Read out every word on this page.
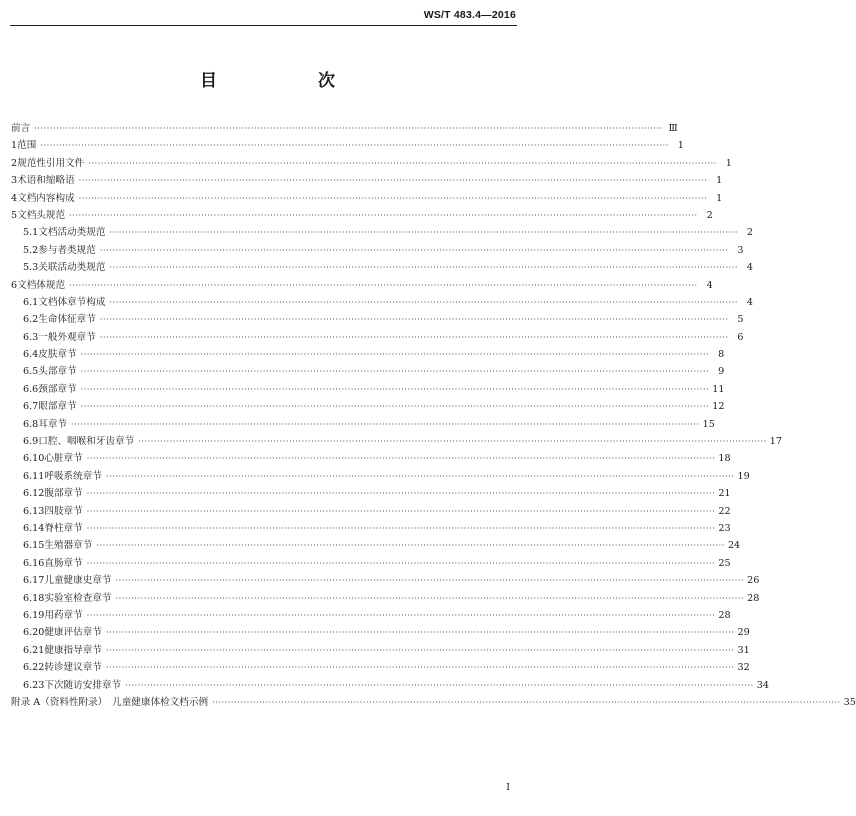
WS/T 483.4—2016
目　次
前言 ········································································································································································································ Ⅲ
1 范围 ········································································································································································································ 1
2 规范性引用文件 ········································································································································································································ 1
3 术语和缩略语 ········································································································································································································ 1
4 文档内容构成 ········································································································································································································ 1
5 文档头规范 ········································································································································································································ 2
5.1 文档活动类规范 ········································································································································································································ 2
5.2 参与者类规范 ········································································································································································································ 3
5.3 关联活动类规范 ········································································································································································································ 4
6 文档体规范 ········································································································································································································ 4
6.1 文档体章节构成 ········································································································································································································ 4
6.2 生命体征章节 ········································································································································································································ 5
6.3 一般外观章节 ········································································································································································································ 6
6.4 皮肤章节 ········································································································································································································ 8
6.5 头部章节 ········································································································································································································ 9
6.6 颈部章节 ········································································································································································································ 11
6.7 眼部章节 ········································································································································································································ 12
6.8 耳章节 ········································································································································································································ 15
6.9 口腔、咽喉和牙齿章节 ········································································································································································································ 17
6.10 心脏章节 ········································································································································································································ 18
6.11 呼吸系统章节 ········································································································································································································ 19
6.12 腹部章节 ········································································································································································································ 21
6.13 四肢章节 ········································································································································································································ 22
6.14 脊柱章节 ········································································································································································································ 23
6.15 生殖器章节 ········································································································································································································ 24
6.16 直肠章节 ········································································································································································································ 25
6.17 儿童健康史章节 ········································································································································································································ 26
6.18 实验室检查章节 ········································································································································································································ 28
6.19 用药章节 ········································································································································································································ 28
6.20 健康评估章节 ········································································································································································································ 29
6.21 健康指导章节 ········································································································································································································ 31
6.22 转诊建议章节 ········································································································································································································ 32
6.23 下次随访安排章节 ········································································································································································································ 34
附录 A（资料性附录）　儿童健康体检文档示例 ········································································································································································································ 35
Ⅰ
